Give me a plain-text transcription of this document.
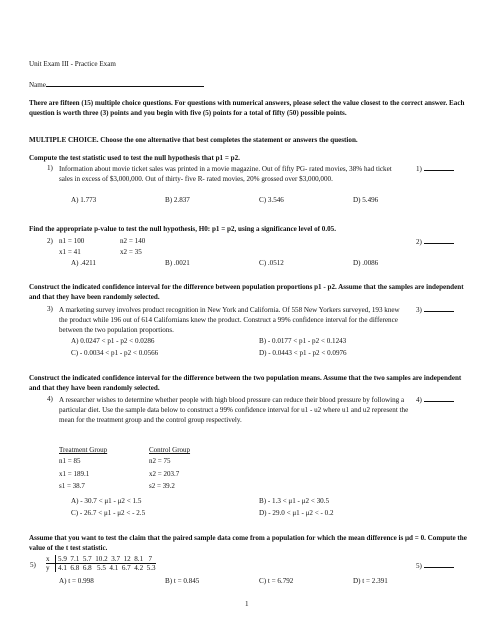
Unit Exam III - Practice Exam
Name
There are fifteen (15) multiple choice questions. For questions with numerical answers, please select the value closest to the correct answer. Each question is worth three (3) points and you begin with five (5) points for a total of fifty (50) possible points.
MULTIPLE CHOICE. Choose the one alternative that best completes the statement or answers the question.
Compute the test statistic used to test the null hypothesis that p1 = p2.
1) Information about movie ticket sales was printed in a movie magazine. Out of fifty PG- rated movies, 38% had ticket sales in excess of $3,000,000. Out of thirty- five R- rated movies, 20% grossed over $3,000,000.
1)
A) 1.773	B) 2.837	C) 3.546	D) 5.496
Find the appropriate p-value to test the null hypothesis, H0: p1 = p2, using a significance level of 0.05.
2) n1 = 100	n2 = 140
x1 = 41	x2 = 35
2)
A) .4211	B) .0021	C) .0512	D) .0086
Construct the indicated confidence interval for the difference between population proportions p1 - p2. Assume that the samples are independent and that they have been randomly selected.
3) A marketing survey involves product recognition in New York and California. Of 558 New Yorkers surveyed, 193 knew the product while 196 out of 614 Californians knew the product. Construct a 99% confidence interval for the difference between the two population proportions.
3)
A) 0.0247 < p1 - p2 < 0.0286	B) - 0.0177 < p1 - p2 < 0.1243
C) - 0.0034 < p1 - p2 < 0.0566	D) - 0.0443 < p1 - p2 < 0.0976
Construct the indicated confidence interval for the difference between the two population means. Assume that the two samples are independent and that they have been randomly selected.
4) A researcher wishes to determine whether people with high blood pressure can reduce their blood pressure by following a particular diet. Use the sample data below to construct a 99% confidence interval for u1 - u2 where u1 and u2 represent the mean for the treatment group and the control group respectively.
4)
Treatment Group	Control Group
n1 = 85	n2 = 75
x1 = 189.1	x2 = 203.7
s1 = 38.7	s2 = 39.2
A) - 30.7 < μ1 - μ2 < 1.5	B) - 1.3 < μ1 - μ2 < 30.5
C) - 26.7 < μ1 - μ2 < - 2.5	D) - 29.0 < μ1 - μ2 < - 0.2
Assume that you want to test the claim that the paired sample data come from a population for which the mean difference is μd = 0. Compute the value of the t test statistic.
5)
x	5.9  7.1  5.7  10.2  3.7  12  8.1   7
y	4.1  6.8  6.8   5.5  4.1  6.7  4.2  5.3	5)
A) t = 0.998	B) t = 0.845	C) t = 6.792	D) t = 2.391
1
